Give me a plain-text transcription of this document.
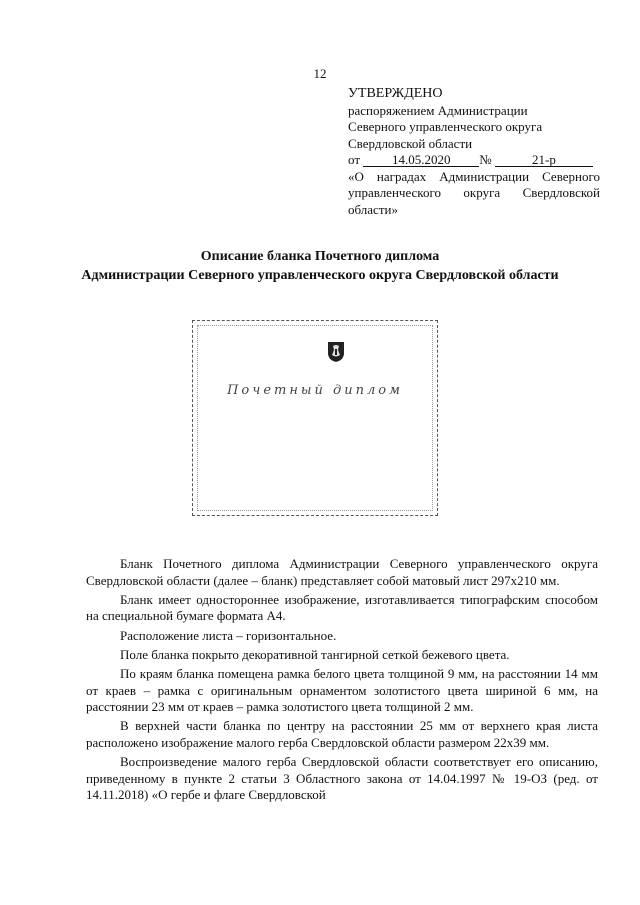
12
УТВЕРЖДЕНО
распоряжением Администрации
Северного управленческого округа
Свердловской области
от
	14.05.2020	№
	21-р
«О наградах Администрации Северного
управленческого округа Свердловской
области»
Описание бланка Почетного диплома
Администрации Северного управленческого округа Свердловской области
Почетный диплом

Бланк Почетного диплома Администрации Северного управленческого округа Свердловской области (далее – бланк) представляет собой матовый лист 297х210 мм.

Бланк имеет одностороннее изображение, изготавливается типографским способом на специальной бумаге формата А4.

Расположение листа – горизонтальное.

Поле бланка покрыто декоративной тангирной сеткой бежевого цвета.

По краям бланка помещена рамка белого цвета толщиной 9 мм, на расстоянии 14 мм от краев – рамка с оригинальным орнаментом золотистого цвета шириной 6 мм, на расстоянии 23 мм от краев – рамка золотистого цвета толщиной 2 мм.

В верхней части бланка по центру на расстоянии 25 мм от верхнего края листа расположено изображение малого герба Свердловской области размером 22х39 мм.

Воспроизведение малого герба Свердловской области соответствует его описанию, приведенному в пункте 2 статьи 3 Областного закона от 14.04.1997 № 19-ОЗ (ред. от 14.11.2018) «О гербе и флаге Свердловской
